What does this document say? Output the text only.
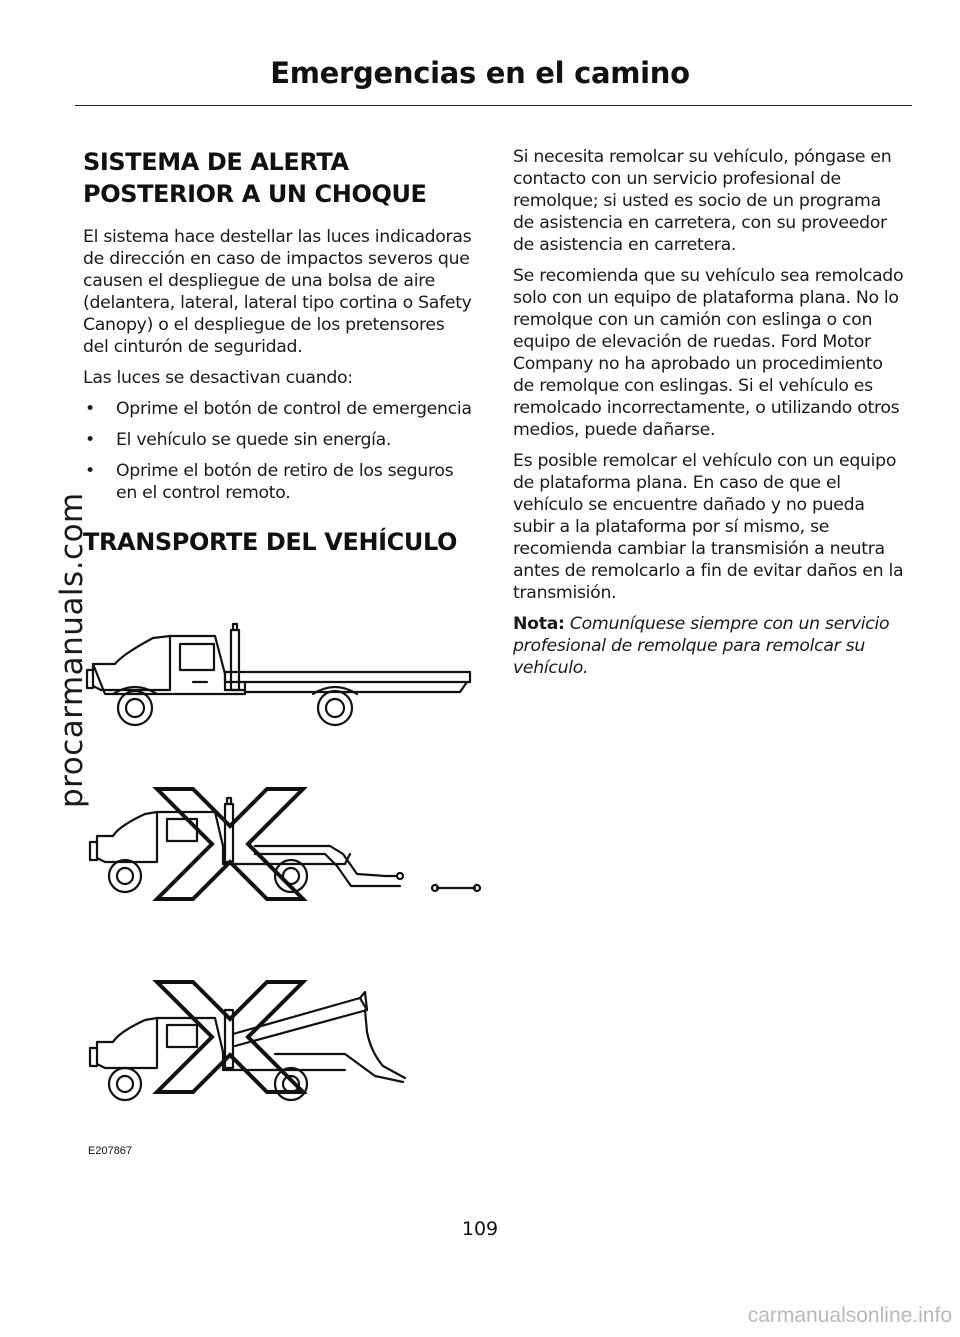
Emergencias en el camino
SISTEMA DE ALERTA
POSTERIOR A UN CHOQUE

El sistema hace destellar las luces indicadoras de dirección en caso de impactos severos que causen el despliegue de una bolsa de aire (delantera, lateral, lateral tipo cortina o Safety Canopy) o el despliegue de los pretensores del cinturón de seguridad.

Las luces se desactivan cuando:

• Oprime el botón de control de emergencia
• El vehículo se quede sin energía.
• Oprime el botón de retiro de los seguros en el control remoto.
TRANSPORTE DEL VEHÍCULO
E207867

Si necesita remolcar su vehículo, póngase en contacto con un servicio profesional de remolque; si usted es socio de un programa de asistencia en carretera, con su proveedor de asistencia en carretera.

Se recomienda que su vehículo sea remolcado solo con un equipo de plataforma plana. No lo remolque con un camión con eslinga o con equipo de elevación de ruedas. Ford Motor Company no ha aprobado un procedimiento de remolque con eslingas. Si el vehículo es remolcado incorrectamente, o utilizando otros medios, puede dañarse.

Es posible remolcar el vehículo con un equipo de plataforma plana. En caso de que el vehículo se encuentre dañado y no pueda subir a la plataforma por sí mismo, se recomienda cambiar la transmisión a neutra antes de remolcarlo a fin de evitar daños en la transmisión.

Nota: Comuníquese siempre con un servicio profesional de remolque para remolcar su vehículo.

109
procarmanuals.com
carmanualsonline.info
